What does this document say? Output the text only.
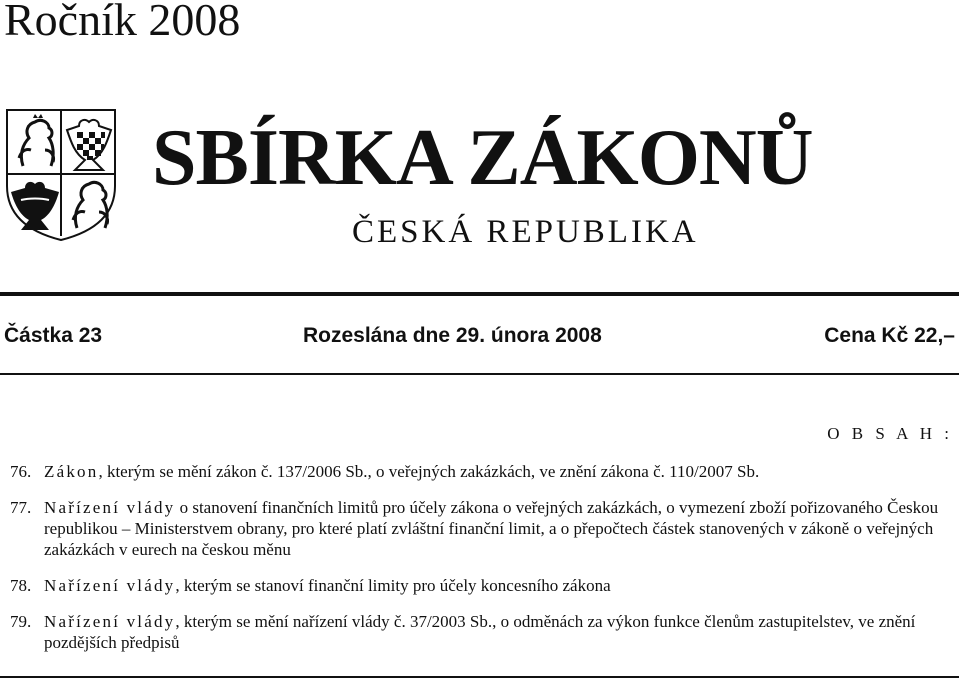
Ročník 2008
SBÍRKA ZÁKONŮ
ČESKÁ REPUBLIKA
Částka 23	Rozeslána dne 29. února 2008	Cena Kč 22,–
O B S A H :
76. Zákon, kterým se mění zákon č. 137/2006 Sb., o veřejných zakázkách, ve znění zákona č. 110/2007 Sb.
77. Nařízení vlády o stanovení finančních limitů pro účely zákona o veřejných zakázkách, o vymezení zboží pořizovaného Českou republikou – Ministerstvem obrany, pro které platí zvláštní finanční limit, a o přepočtech částek stanovených v zákoně o veřejných zakázkách v eurech na českou měnu
78. Nařízení vlády, kterým se stanoví finanční limity pro účely koncesního zákona
79. Nařízení vlády, kterým se mění nařízení vlády č. 37/2003 Sb., o odměnách za výkon funkce členům zastupitelstev, ve znění pozdějších předpisů
